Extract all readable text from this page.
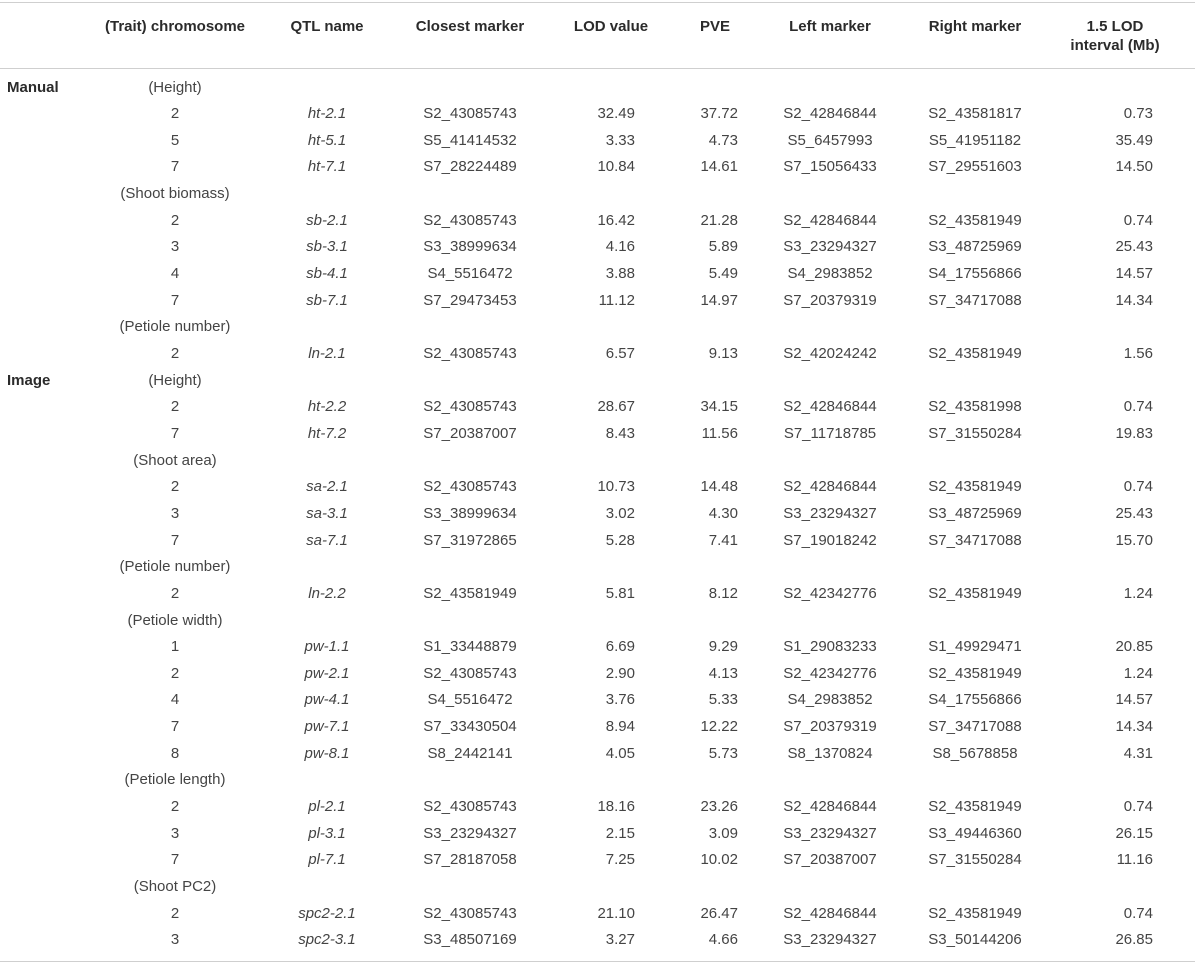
(Trait) chromosome	QTL name	Closest marker	LOD value	PVE	Left marker	Right marker	1.5 LOD interval (Mb)
Manual	(Height)
2	ht-2.1	S2_43085743	32.49	37.72	S2_42846844	S2_43581817	0.73
5	ht-5.1	S5_41414532	3.33	4.73	S5_6457993	S5_41951182	35.49
7	ht-7.1	S7_28224489	10.84	14.61	S7_15056433	S7_29551603	14.50
(Shoot biomass)
2	sb-2.1	S2_43085743	16.42	21.28	S2_42846844	S2_43581949	0.74
3	sb-3.1	S3_38999634	4.16	5.89	S3_23294327	S3_48725969	25.43
4	sb-4.1	S4_5516472	3.88	5.49	S4_2983852	S4_17556866	14.57
7	sb-7.1	S7_29473453	11.12	14.97	S7_20379319	S7_34717088	14.34
(Petiole number)
2	ln-2.1	S2_43085743	6.57	9.13	S2_42024242	S2_43581949	1.56
Image	(Height)
2	ht-2.2	S2_43085743	28.67	34.15	S2_42846844	S2_43581998	0.74
7	ht-7.2	S7_20387007	8.43	11.56	S7_11718785	S7_31550284	19.83
(Shoot area)
2	sa-2.1	S2_43085743	10.73	14.48	S2_42846844	S2_43581949	0.74
3	sa-3.1	S3_38999634	3.02	4.30	S3_23294327	S3_48725969	25.43
7	sa-7.1	S7_31972865	5.28	7.41	S7_19018242	S7_34717088	15.70
(Petiole number)
2	ln-2.2	S2_43581949	5.81	8.12	S2_42342776	S2_43581949	1.24
(Petiole width)
1	pw-1.1	S1_33448879	6.69	9.29	S1_29083233	S1_49929471	20.85
2	pw-2.1	S2_43085743	2.90	4.13	S2_42342776	S2_43581949	1.24
4	pw-4.1	S4_5516472	3.76	5.33	S4_2983852	S4_17556866	14.57
7	pw-7.1	S7_33430504	8.94	12.22	S7_20379319	S7_34717088	14.34
8	pw-8.1	S8_2442141	4.05	5.73	S8_1370824	S8_5678858	4.31
(Petiole length)
2	pl-2.1	S2_43085743	18.16	23.26	S2_42846844	S2_43581949	0.74
3	pl-3.1	S3_23294327	2.15	3.09	S3_23294327	S3_49446360	26.15
7	pl-7.1	S7_28187058	7.25	10.02	S7_20387007	S7_31550284	11.16
(Shoot PC2)
2	spc2-2.1	S2_43085743	21.10	26.47	S2_42846844	S2_43581949	0.74
3	spc2-3.1	S3_48507169	3.27	4.66	S3_23294327	S3_50144206	26.85
